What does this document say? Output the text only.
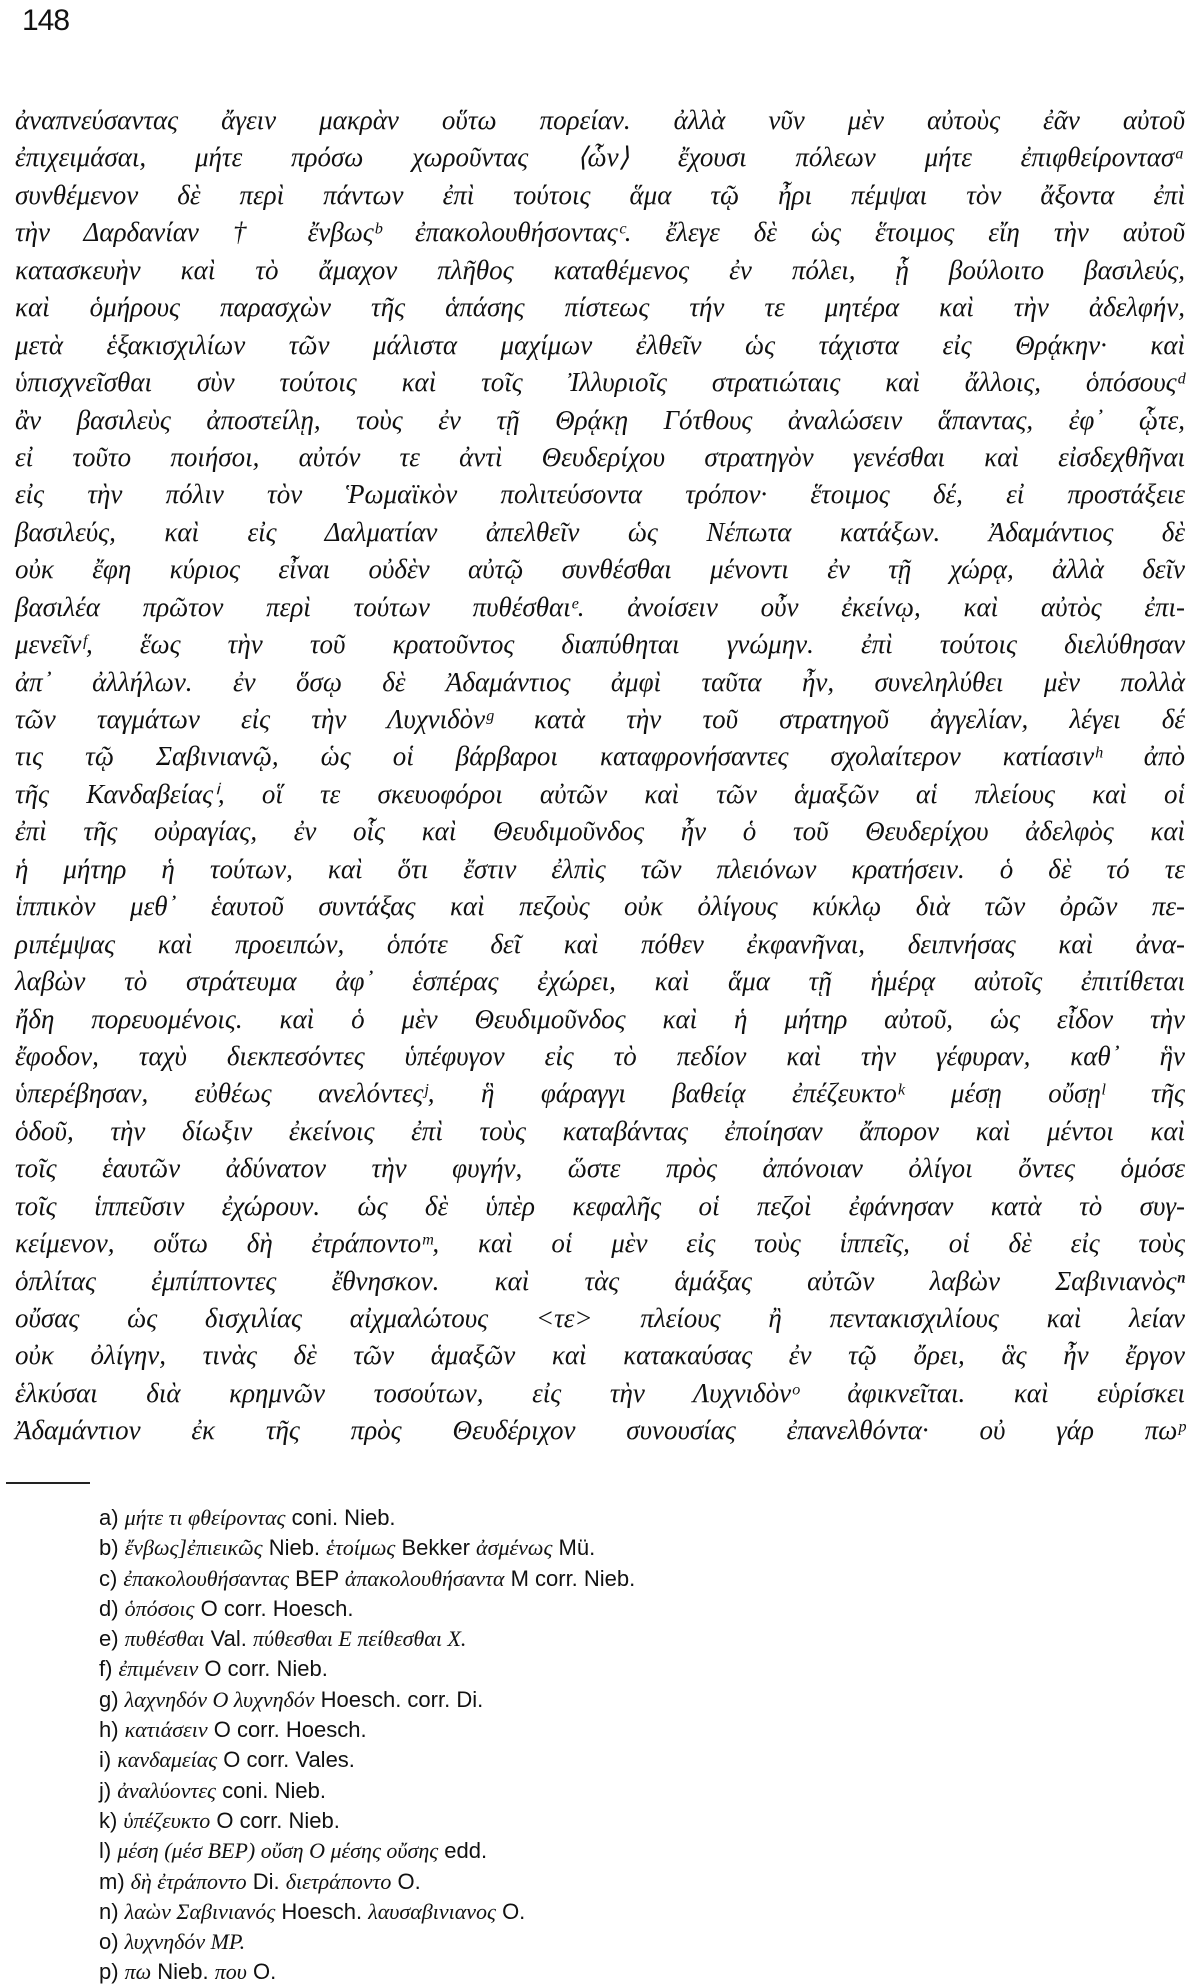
148
ἀναπνεύσαντας ἄγειν μακρὰν οὕτω πορείαν. ἀλλὰ νῦν μὲν αὐτοὺς ἐᾶν αὐτοῦ
ἐπιχειμάσαι, μήτε πρόσω χωροῦντας ⟨ὧν⟩ ἔχουσι πόλεων μήτε ἐπιφθείροντασᵃ
συνθέμενον δὲ περὶ πάντων ἐπὶ τούτοις ἅμα τῷ ἦρι πέμψαι τὸν ἄξοντα ἐπὶ
τὴν Δαρδανίαν † ἔνβωςᵇ ἐπακολουθήσονταςᶜ. ἔλεγε δὲ ὡς ἕτοιμος εἴη τὴν αὐτοῦ
κατασκευὴν καὶ τὸ ἄμαχον πλῆθος καταθέμενος ἐν πόλει, ᾗ βούλοιτο βασιλεύς,
καὶ ὁμήρους παρασχὼν τῆς ἁπάσης πίστεως τήν τε μητέρα καὶ τὴν ἀδελφήν,
μετὰ ἑξακισχιλίων τῶν μάλιστα μαχίμων ἐλθεῖν ὡς τάχιστα εἰς Θρᾴκην· καὶ
ὑπισχνεῖσθαι σὺν τούτοις καὶ τοῖς Ἰλλυριοῖς στρατιώταις καὶ ἄλλοις, ὁπόσουςᵈ
ἂν βασιλεὺς ἀποστείλῃ, τοὺς ἐν τῇ Θρᾴκῃ Γότθους ἀναλώσειν ἅπαντας, ἐφ᾽ ᾧτε,
εἰ τοῦτο ποιήσοι, αὐτόν τε ἀντὶ Θευδερίχου στρατηγὸν γενέσθαι καὶ εἰσδεχθῆναι
εἰς τὴν πόλιν τὸν Ῥωμαϊκὸν πολιτεύσοντα τρόπον· ἕτοιμος δέ, εἰ προστάξειε
βασιλεύς, καὶ εἰς Δαλματίαν ἀπελθεῖν ὡς Νέπωτα κατάξων. Ἀδαμάντιος δὲ
οὐκ ἔφη κύριος εἶναι οὐδὲν αὐτῷ συνθέσθαι μένοντι ἐν τῇ χώρᾳ, ἀλλὰ δεῖν
βασιλέα πρῶτον περὶ τούτων πυθέσθαιᵉ. ἀνοίσειν οὖν ἐκείνῳ, καὶ αὐτὸς ἐπι-
μενεῖνᶠ, ἕως τὴν τοῦ κρατοῦντος διαπύθηται γνώμην. ἐπὶ τούτοις διελύθησαν
ἀπ᾽ ἀλλήλων. ἐν ὅσῳ δὲ Ἀδαμάντιος ἀμφὶ ταῦτα ἦν, συνεληλύθει μὲν πολλὰ
τῶν ταγμάτων εἰς τὴν Λυχνιδὸνᵍ κατὰ τὴν τοῦ στρατηγοῦ ἀγγελίαν, λέγει δέ
τις τῷ Σαβινιανῷ, ὡς οἱ βάρβαροι καταφρονήσαντες σχολαίτερον κατίασινʰ ἀπὸ
τῆς Κανδαβείαςⁱ, οἵ τε σκευοφόροι αὐτῶν καὶ τῶν ἁμαξῶν αἱ πλείους καὶ οἱ
ἐπὶ τῆς οὐραγίας, ἐν οἷς καὶ Θευδιμοῦνδος ἦν ὁ τοῦ Θευδερίχου ἀδελφὸς καὶ
ἡ μήτηρ ἡ τούτων, καὶ ὅτι ἔστιν ἐλπὶς τῶν πλειόνων κρατήσειν. ὁ δὲ τό τε
ἱππικὸν μεθ᾽ ἑαυτοῦ συντάξας καὶ πεζοὺς οὐκ ὀλίγους κύκλῳ διὰ τῶν ὀρῶν πε-
ριπέμψας καὶ προειπών, ὁπότε δεῖ καὶ πόθεν ἐκφανῆναι, δειπνήσας καὶ ἀνα-
λαβὼν τὸ στράτευμα ἀφ᾽ ἑσπέρας ἐχώρει, καὶ ἅμα τῇ ἡμέρᾳ αὐτοῖς ἐπιτίθεται
ἤδη πορευομένοις. καὶ ὁ μὲν Θευδιμοῦνδος καὶ ἡ μήτηρ αὐτοῦ, ὡς εἶδον τὴν
ἔφοδον, ταχὺ διεκπεσόντες ὑπέφυγον εἰς τὸ πεδίον καὶ τὴν γέφυραν, καθ᾽ ἣν
ὑπερέβησαν, εὐθέως ανελόντεςʲ, ἣ φάραγγι βαθείᾳ ἐπέζευκτοᵏ μέσῃ οὔσῃˡ τῆς
ὁδοῦ, τὴν δίωξιν ἐκείνοις ἐπὶ τοὺς καταβάντας ἐποίησαν ἄπορον καὶ μέντοι καὶ
τοῖς ἑαυτῶν ἀδύνατον τὴν φυγήν, ὥστε πρὸς ἀπόνοιαν ὀλίγοι ὄντες ὁμόσε
τοῖς ἱππεῦσιν ἐχώρουν. ὡς δὲ ὑπὲρ κεφαλῆς οἱ πεζοὶ ἐφάνησαν κατὰ τὸ συγ-
κείμενον, οὕτω δὴ ἐτράποντοᵐ, καὶ οἱ μὲν εἰς τοὺς ἱππεῖς, οἱ δὲ εἰς τοὺς
ὁπλίτας ἐμπίπτοντες ἔθνησκον. καὶ τὰς ἁμάξας αὐτῶν λαβὼν Σαβινιανὸςⁿ
οὔσας ὡς δισχιλίας αἰχμαλώτους <τε> πλείους ἢ πεντακισχιλίους καὶ λείαν
οὐκ ὀλίγην, τινὰς δὲ τῶν ἁμαξῶν καὶ κατακαύσας ἐν τῷ ὄρει, ἃς ἦν ἔργον
ἑλκύσαι διὰ κρημνῶν τοσούτων, εἰς τὴν Λυχνιδὸνᵒ ἀφικνεῖται. καὶ εὑρίσκει
Ἀδαμάντιον ἐκ τῆς πρὸς Θευδέριχον συνουσίας ἐπανελθόντα· οὐ γάρ πωᵖ
a) μήτε τι φθείροντας coni. Nieb.
b) ἔνβως]ἐπιεικῶς Nieb. ἑτοίμως Bekker ἀσμένως Mü.
c) ἐπακολουθήσαντας BEP ἀπακολουθήσαντα M corr. Nieb.
d) ὁπόσοις O corr. Hoesch.
e) πυθέσθαι Val. πύθεσθαι E πείθεσθαι X.
f) ἐπιμένειν O corr. Nieb.
g) λαχνηδόν O λυχνηδόν Hoesch. corr. Di.
h) κατιάσειν O corr. Hoesch.
i) κανδαμείας O corr. Vales.
j) ἀναλύοντες coni. Nieb.
k) ὑπέζευκτο O corr. Nieb.
l) μέση (μέσ BEP) οὔση O μέσης οὔσης edd.
m) δὴ ἐτράποντο Di. διετράποντο O.
n) λαὼν Σαβινιανός Hoesch. λαυσαβινιανος O.
o) λυχνηδόν MP.
p) πω Nieb. που O.
